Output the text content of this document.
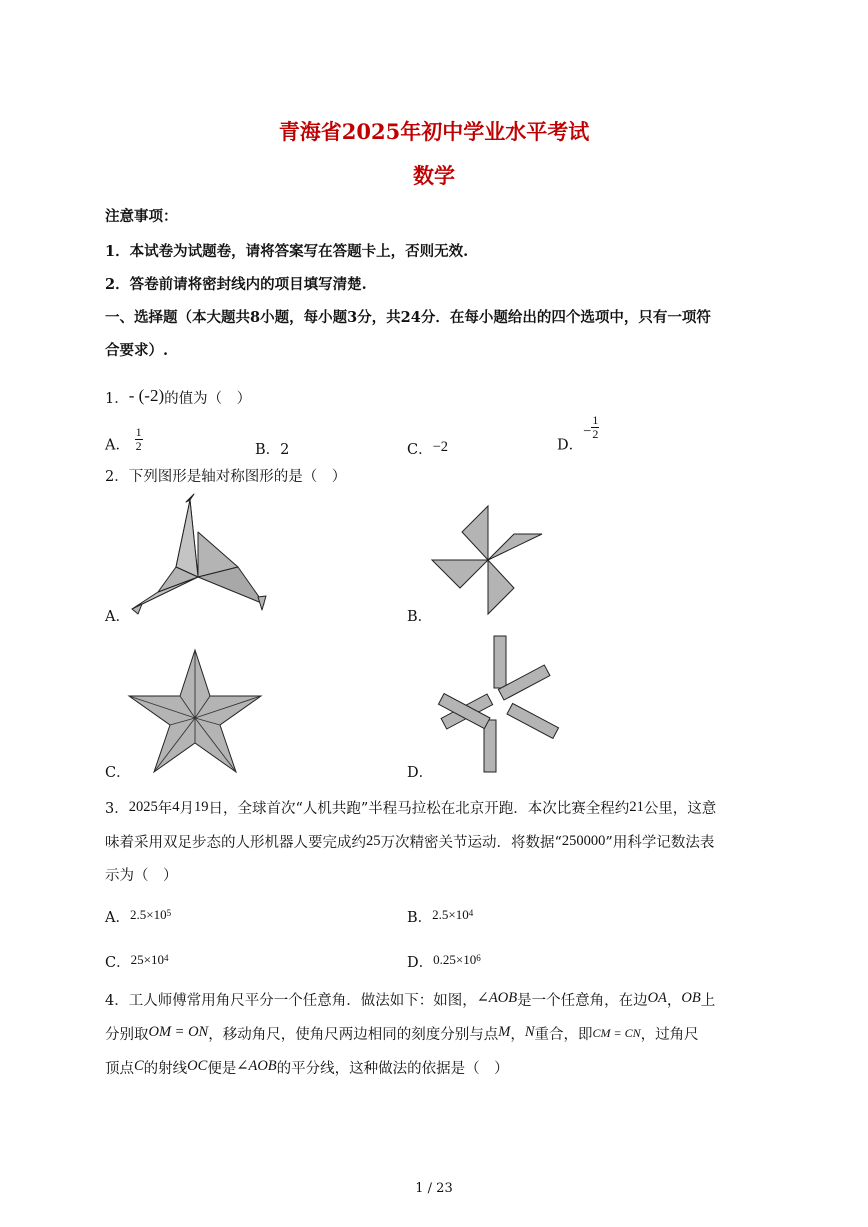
青海省2025年初中学业水平考试
数学
注意事项：
1．本试卷为试题卷，请将答案写在答题卡上，否则无效.
2．答卷前请将密封线内的项目填写清楚.
一、选择题（本大题共8小题，每小题3分，共24分．在每小题给出的四个选项中，只有一项符
合要求）.
1．- (-2)的值为（　）
A． $\frac{1}{2}$	B．2	C．−2	D．− $\frac{1}{2}$
2．下列图形是轴对称图形的是（　）
A．	B．
C．	D．
3．2025年4月19日，全球首次“人机共跑”半程马拉松在北京开跑．本次比赛全程约21公里，这意
味着采用双足步态的人形机器人要完成约25万次精密关节运动．将数据“250000”用科学记数法表
示为（　）
A．$2.5\times 10^5$	B．$2.5\times 10^4$
C．$25\times 10^4$	D．$0.25\times 10^6$
4．工人师傅常用角尺平分一个任意角．做法如下：如图，∠AOB是一个任意角，在边OA，OB上
分别取OM = ON，移动角尺，使角尺两边相同的刻度分别与点M，N重合，即CM = CN，过角尺
顶点C的射线OC便是∠AOB的平分线，这种做法的依据是（　）
1 / 23
